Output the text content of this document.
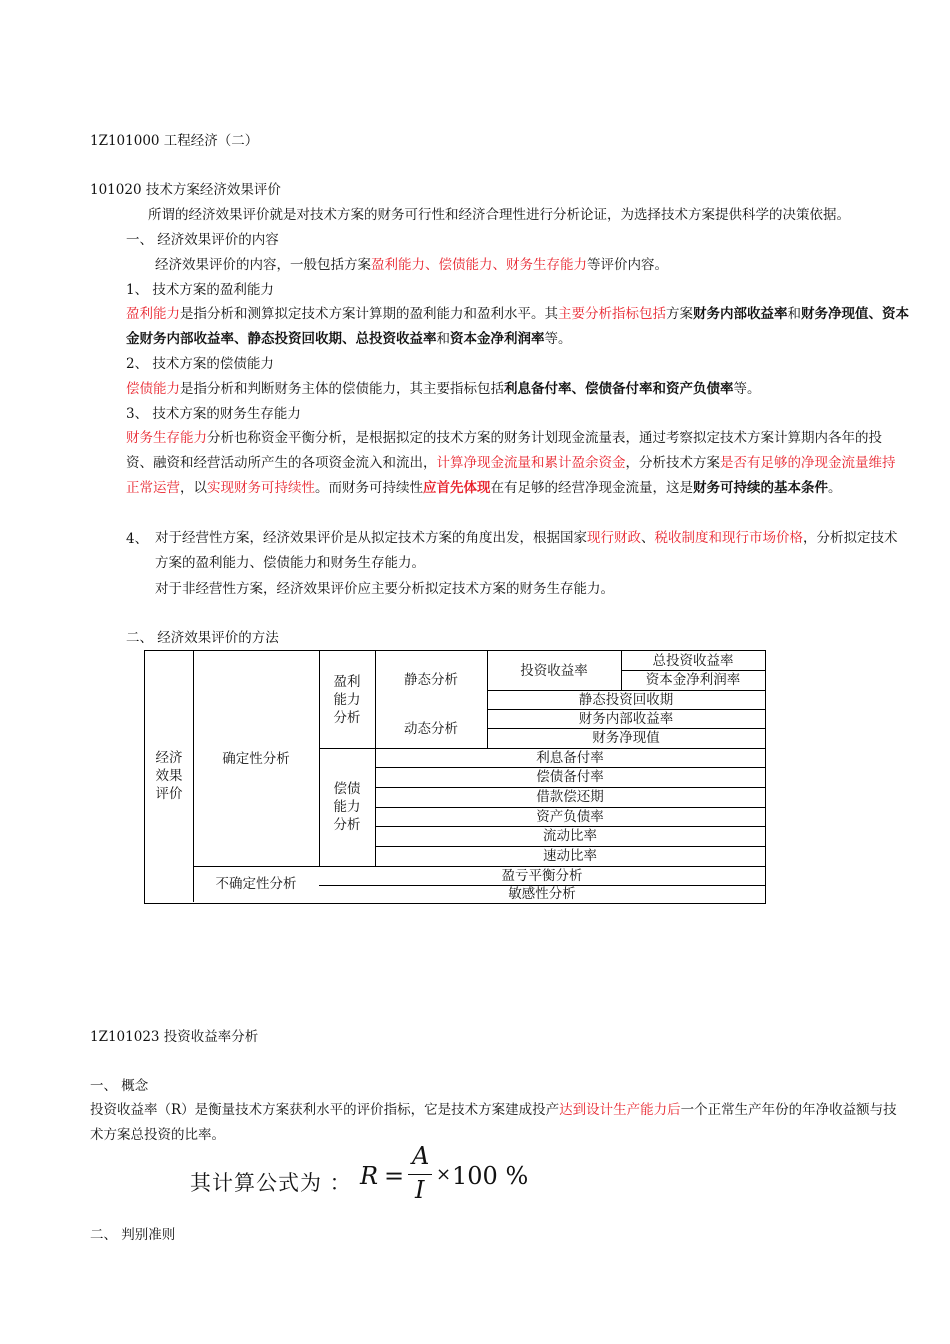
1Z101000 工程经济（二）
101020 技术方案经济效果评价
所谓的经济效果评价就是对技术方案的财务可行性和经济合理性进行分析论证，为选择技术方案提供科学的决策依据。
一、 经济效果评价的内容
经济效果评价的内容，一般包括方案盈利能力、偿债能力、财务生存能力等评价内容。
1、 技术方案的盈利能力
盈利能力是指分析和测算拟定技术方案计算期的盈利能力和盈利水平。其主要分析指标包括方案财务内部收益率和财务净现值、资本金财务内部收益率、静态投资回收期、总投资收益率和资本金净利润率等。
2、 技术方案的偿债能力
偿债能力是指分析和判断财务主体的偿债能力，其主要指标包括利息备付率、偿债备付率和资产负债率等。
3、 技术方案的财务生存能力
财务生存能力分析也称资金平衡分析，是根据拟定的技术方案的财务计划现金流量表，通过考察拟定技术方案计算期内各年的投资、融资和经营活动所产生的各项资金流入和流出，计算净现金流量和累计盈余资金，分析技术方案是否有足够的净现金流量维持正常运营，以实现财务可持续性。而财务可持续性应首先体现在有足够的经营净现金流量，这是财务可持续的基本条件。
4、 对于经营性方案，经济效果评价是从拟定技术方案的角度出发，根据国家现行财政、税收制度和现行市场价格，分析拟定技术方案的盈利能力、偿债能力和财务生存能力。
对于非经营性方案，经济效果评价应主要分析拟定技术方案的财务生存能力。
二、 经济效果评价的方法
经济
效果
评价
确定性分析
不确定性分析
盈利
能力
分析
偿债
能力
分析
静态分析
动态分析
投资收益率
总投资收益率
资本金净利润率
静态投资回收期
财务内部收益率
财务净现值
利息备付率
偿债备付率
借款偿还期
资产负债率
流动比率
速动比率
盈亏平衡分析
敏感性分析
1Z101023 投资收益率分析
一、 概念
投资收益率（R）是衡量技术方案获利水平的评价指标，它是技术方案建成投产达到设计生产能力后一个正常生产年份的年净收益额与技术方案总投资的比率。
其计算公式为 ： R =
A
I
× 100 %
二、 判别准则
